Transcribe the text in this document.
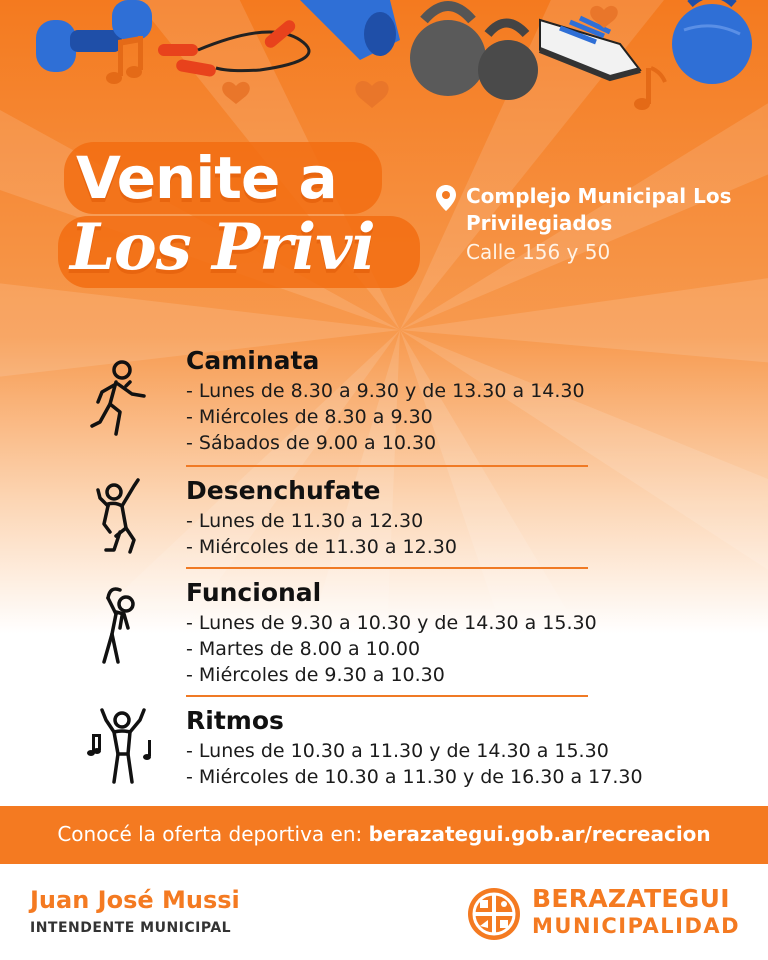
Venite a
Los Privi
Complejo Municipal Los Privilegiados
Calle 156 y 50
Caminata
- Lunes de 8.30 a 9.30 y de 13.30 a 14.30
- Miércoles de 8.30 a 9.30
- Sábados de 9.00 a 10.30
Desenchufate
- Lunes de 11.30 a 12.30
- Miércoles de 11.30 a 12.30
Funcional
- Lunes de 9.30 a 10.30 y de 14.30 a 15.30
- Martes de 8.00 a 10.00
- Miércoles de 9.30 a 10.30
Ritmos
- Lunes de 10.30 a 11.30 y de 14.30 a 15.30
- Miércoles de 10.30 a 11.30 y de 16.30 a 17.30
Conocé la oferta deportiva en: berazategui.gob.ar/recreacion
Juan José Mussi
INTENDENTE MUNICIPAL
BERAZATEGUI
MUNICIPALIDAD
